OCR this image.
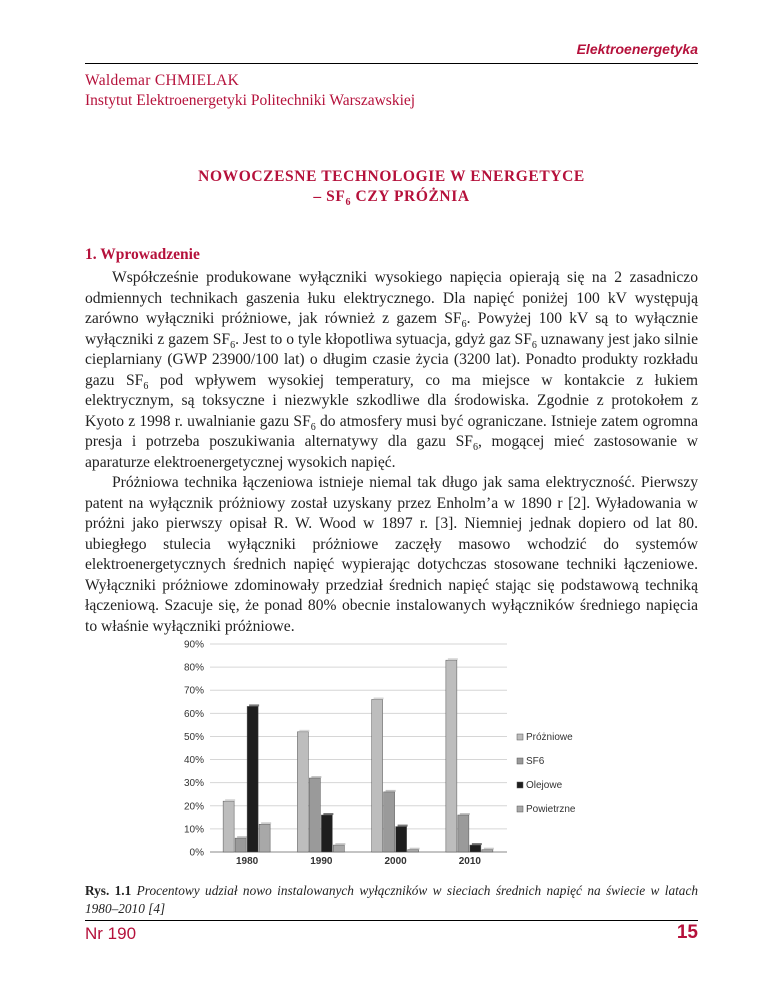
Elektroenergetyka
Waldemar CHMIELAK
Instytut Elektroenergetyki Politechniki Warszawskiej
NOWOCZESNE TECHNOLOGIE W ENERGETYCE
– $SF_6$ CZY PRÓŻNIA
1. Wprowadzenie

Współcześnie produkowane wyłączniki wysokiego napięcia opierają się na 2 zasadniczo odmiennych technikach gaszenia łuku elektrycznego. Dla napięć poniżej 100 kV występują zarówno wyłączniki próżniowe, jak również z gazem $SF_6$. Powyżej 100 kV są to wyłącznie wyłączniki z gazem $SF_6$. Jest to o tyle kłopotliwa sytuacja, gdyż gaz $SF_6$ uznawany jest jako silnie cieplarniany (GWP 23900/100 lat) o długim czasie życia (3200 lat). Ponadto produkty rozkładu gazu $SF_6$ pod wpływem wysokiej temperatury, co ma miejsce w kontakcie z łukiem elektrycznym, są toksyczne i niezwykle szkodliwe dla środowiska. Zgodnie z protokołem z Kyoto z 1998 r. uwalnianie gazu $SF_6$ do atmosfery musi być ograniczane. Istnieje zatem ogromna presja i potrzeba poszukiwania alternatywy dla gazu $SF_6$, mogącej mieć zastosowanie w aparaturze elektroenergetycznej wysokich napięć.

Próżniowa technika łączeniowa istnieje niemal tak długo jak sama elektryczność. Pierwszy patent na wyłącznik próżniowy został uzyskany przez Enholm’a w 1890 r [2]. Wyładowania w próżni jako pierwszy opisał R. W. Wood w 1897 r. [3]. Niemniej jednak dopiero od lat 80. ubiegłego stulecia wyłączniki próżniowe zaczęły masowo wchodzić do systemów elektroenergetycznych średnich napięć wypierając dotychczas stosowane techniki łączeniowe. Wyłączniki próżniowe zdominowały przedział średnich napięć stając się podstawową techniką łączeniową. Szacuje się, że ponad 80% obecnie instalowanych wyłączników średniego napięcia to właśnie wyłączniki próżniowe.

0%
10%
20%
30%
40%
50%
60%
70%
80%
90%
1980	1990	2000	2010
Próżniowe
SF6
Olejowe
Powietrzne
Rys. 1.1 Procentowy udział nowo instalowanych wyłączników w sieciach średnich napięć na świecie w latach 1980–2010 [4]
Nr 190	15
